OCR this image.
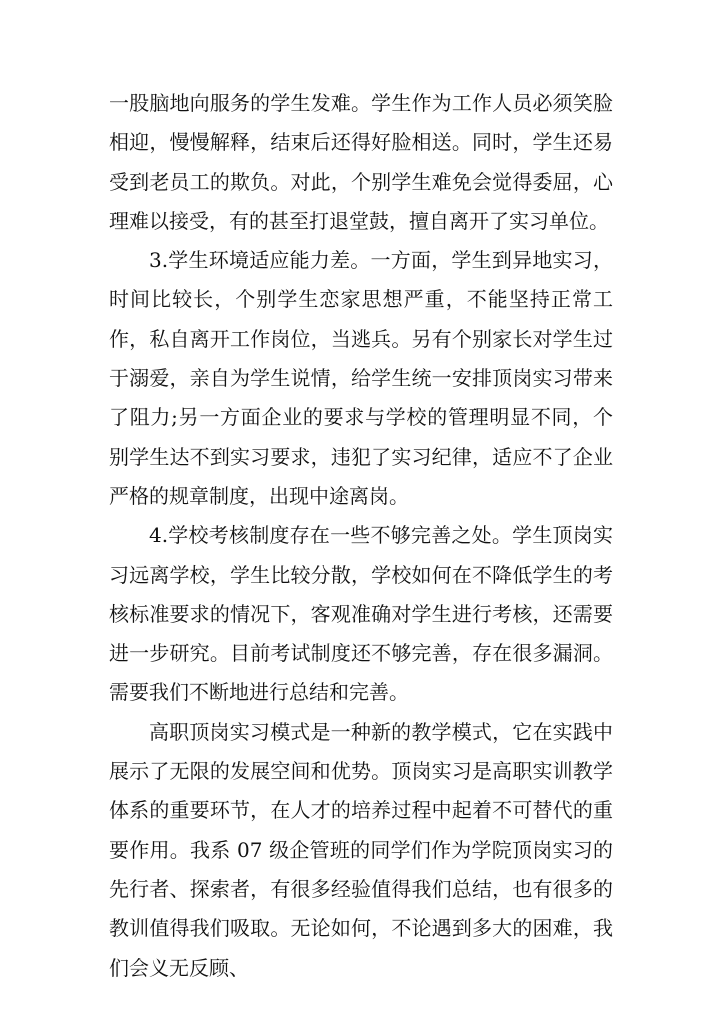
一股脑地向服务的学生发难。学生作为工作人员必须笑脸相迎，慢慢解释，结束后还得好脸相送。同时，学生还易受到老员工的欺负。对此，个别学生难免会觉得委屈，心理难以接受，有的甚至打退堂鼓，擅自离开了实习单位。

3.学生环境适应能力差。一方面，学生到异地实习，时间比较长，个别学生恋家思想严重，不能坚持正常工作，私自离开工作岗位，当逃兵。另有个别家长对学生过于溺爱，亲自为学生说情，给学生统一安排顶岗实习带来了阻力;另一方面企业的要求与学校的管理明显不同，个别学生达不到实习要求，违犯了实习纪律，适应不了企业严格的规章制度，出现中途离岗。

4.学校考核制度存在一些不够完善之处。学生顶岗实习远离学校，学生比较分散，学校如何在不降低学生的考核标准要求的情况下，客观准确对学生进行考核，还需要进一步研究。目前考试制度还不够完善，存在很多漏洞。需要我们不断地进行总结和完善。

高职顶岗实习模式是一种新的教学模式，它在实践中展示了无限的发展空间和优势。顶岗实习是高职实训教学体系的重要环节，在人才的培养过程中起着不可替代的重要作用。我系 07 级企管班的同学们作为学院顶岗实习的先行者、探索者，有很多经验值得我们总结，也有很多的教训值得我们吸取。无论如何，不论遇到多大的困难，我们会义无反顾、
